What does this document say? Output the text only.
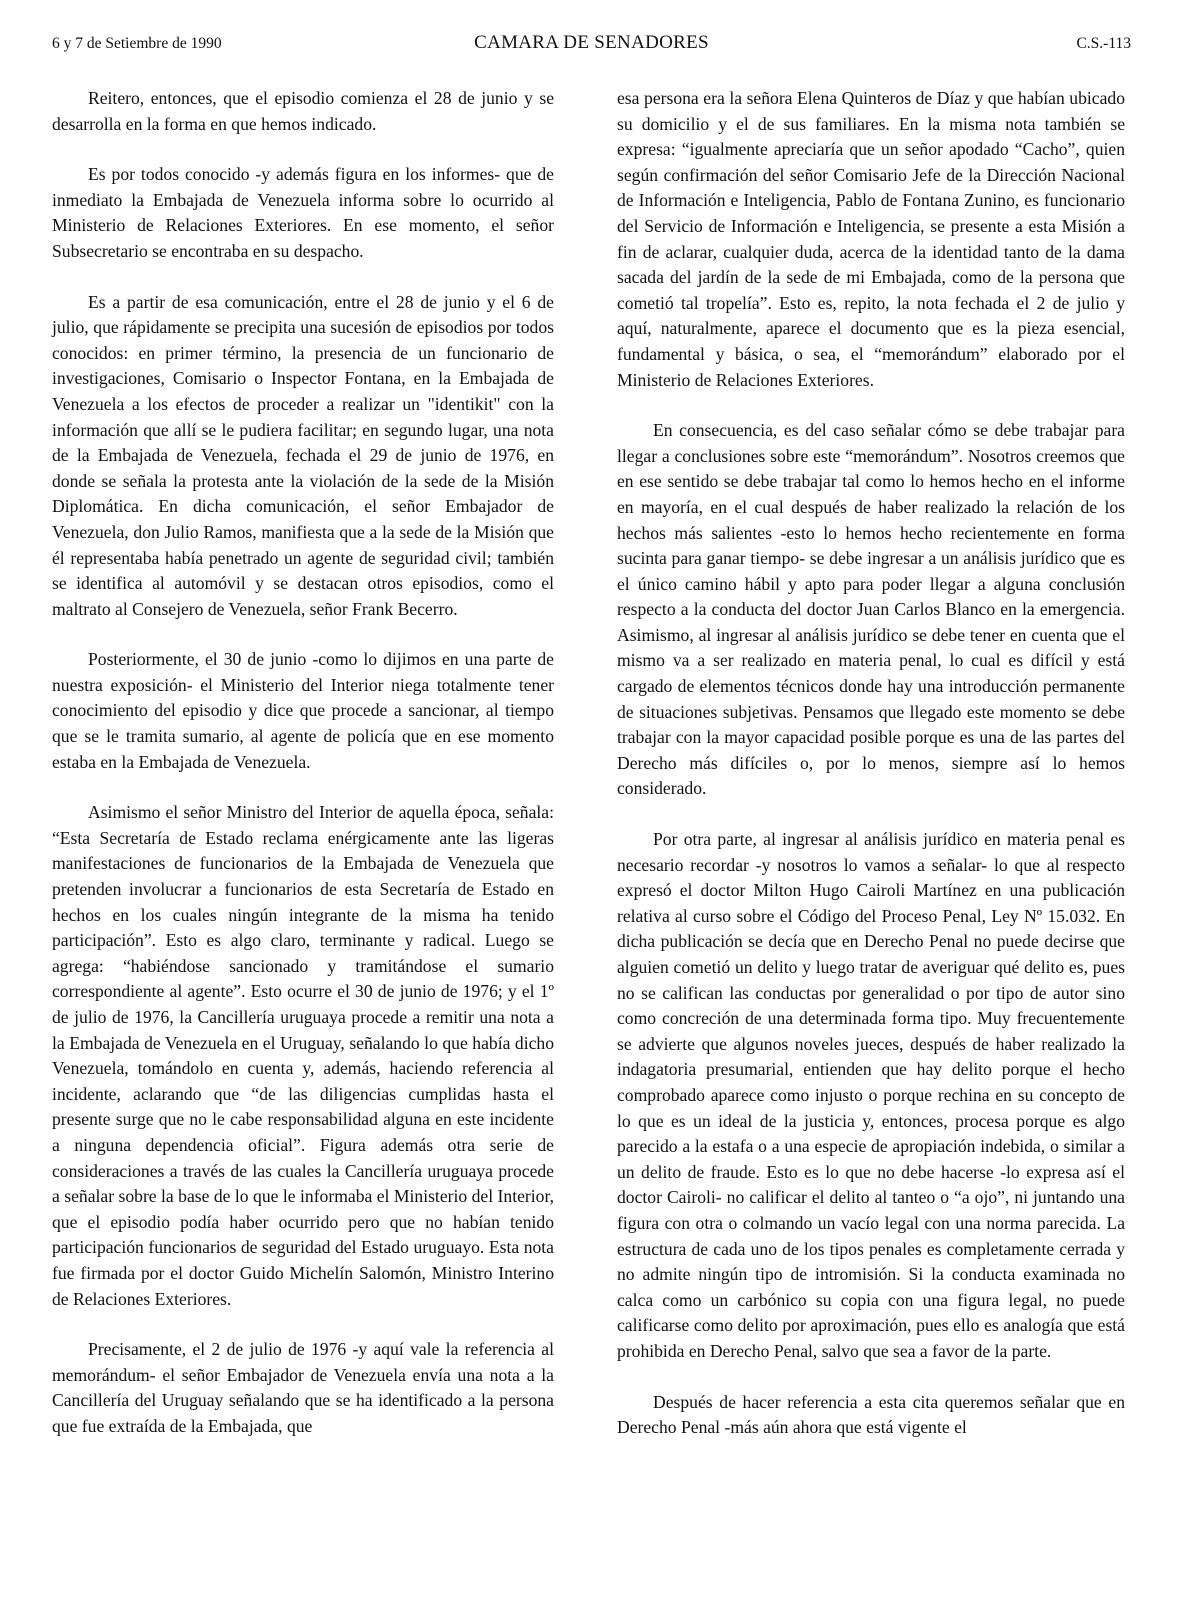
6 y 7 de Setiembre de 1990	CAMARA DE SENADORES	C.S.-113

Reitero, entonces, que el episodio comienza el 28 de junio y se desarrolla en la forma en que hemos indicado.

Es por todos conocido -y además figura en los informes- que de inmediato la Embajada de Venezuela informa sobre lo ocurrido al Ministerio de Relaciones Exteriores. En ese momento, el señor Subsecretario se encontraba en su despacho.

Es a partir de esa comunicación, entre el 28 de junio y el 6 de julio, que rápidamente se precipita una sucesión de episodios por todos conocidos: en primer término, la presencia de un funcionario de investigaciones, Comisario o Inspector Fontana, en la Embajada de Venezuela a los efectos de proceder a realizar un "identikit" con la información que allí se le pudiera facilitar; en segundo lugar, una nota de la Embajada de Venezuela, fechada el 29 de junio de 1976, en donde se señala la protesta ante la violación de la sede de la Misión Diplomática. En dicha comunicación, el señor Embajador de Venezuela, don Julio Ramos, manifiesta que a la sede de la Misión que él representaba había penetrado un agente de seguridad civil; también se identifica al automóvil y se destacan otros episodios, como el maltrato al Consejero de Venezuela, señor Frank Becerro.

Posteriormente, el 30 de junio -como lo dijimos en una parte de nuestra exposición- el Ministerio del Interior niega totalmente tener conocimiento del episodio y dice que procede a sancionar, al tiempo que se le tramita sumario, al agente de policía que en ese momento estaba en la Embajada de Venezuela.

Asimismo el señor Ministro del Interior de aquella época, señala: “Esta Secretaría de Estado reclama enérgicamente ante las ligeras manifestaciones de funcionarios de la Embajada de Venezuela que pretenden involucrar a funcionarios de esta Secretaría de Estado en hechos en los cuales ningún integrante de la misma ha tenido participación”. Esto es algo claro, terminante y radical. Luego se agrega: “habiéndose sancionado y tramitándose el sumario correspondiente al agente”. Esto ocurre el 30 de junio de 1976; y el 1º de julio de 1976, la Cancillería uruguaya procede a remitir una nota a la Embajada de Venezuela en el Uruguay, señalando lo que había dicho Venezuela, tomándolo en cuenta y, además, haciendo referencia al incidente, aclarando que “de las diligencias cumplidas hasta el presente surge que no le cabe responsabilidad alguna en este incidente a ninguna dependencia oficial”. Figura además otra serie de consideraciones a través de las cuales la Cancillería uruguaya procede a señalar sobre la base de lo que le informaba el Ministerio del Interior, que el episodio podía haber ocurrido pero que no habían tenido participación funcionarios de seguridad del Estado uruguayo. Esta nota fue firmada por el doctor Guido Michelín Salomón, Ministro Interino de Relaciones Exteriores.

Precisamente, el 2 de julio de 1976 -y aquí vale la referencia al memorándum- el señor Embajador de Venezuela envía una nota a la Cancillería del Uruguay señalando que se ha identificado a la persona que fue extraída de la Embajada, que

esa persona era la señora Elena Quinteros de Díaz y que habían ubicado su domicilio y el de sus familiares. En la misma nota también se expresa: “igualmente apreciaría que un señor apodado “Cacho”, quien según confirmación del señor Comisario Jefe de la Dirección Nacional de Información e Inteligencia, Pablo de Fontana Zunino, es funcionario del Servicio de Información e Inteligencia, se presente a esta Misión a fin de aclarar, cualquier duda, acerca de la identidad tanto de la dama sacada del jardín de la sede de mi Embajada, como de la persona que cometió tal tropelía”. Esto es, repito, la nota fechada el 2 de julio y aquí, naturalmente, aparece el documento que es la pieza esencial, fundamental y básica, o sea, el “memorándum” elaborado por el Ministerio de Relaciones Exteriores.

En consecuencia, es del caso señalar cómo se debe trabajar para llegar a conclusiones sobre este “memorándum”. Nosotros creemos que en ese sentido se debe trabajar tal como lo hemos hecho en el informe en mayoría, en el cual después de haber realizado la relación de los hechos más salientes -esto lo hemos hecho recientemente en forma sucinta para ganar tiempo- se debe ingresar a un análisis jurídico que es el único camino hábil y apto para poder llegar a alguna conclusión respecto a la conducta del doctor Juan Carlos Blanco en la emergencia. Asimismo, al ingresar al análisis jurídico se debe tener en cuenta que el mismo va a ser realizado en materia penal, lo cual es difícil y está cargado de elementos técnicos donde hay una introducción permanente de situaciones subjetivas. Pensamos que llegado este momento se debe trabajar con la mayor capacidad posible porque es una de las partes del Derecho más difíciles o, por lo menos, siempre así lo hemos considerado.

Por otra parte, al ingresar al análisis jurídico en materia penal es necesario recordar -y nosotros lo vamos a señalar- lo que al respecto expresó el doctor Milton Hugo Cairoli Martínez en una publicación relativa al curso sobre el Código del Proceso Penal, Ley Nº 15.032. En dicha publicación se decía que en Derecho Penal no puede decirse que alguien cometió un delito y luego tratar de averiguar qué delito es, pues no se califican las conductas por generalidad o por tipo de autor sino como concreción de una determinada forma tipo. Muy frecuentemente se advierte que algunos noveles jueces, después de haber realizado la indagatoria presumarial, entienden que hay delito porque el hecho comprobado aparece como injusto o porque rechina en su concepto de lo que es un ideal de la justicia y, entonces, procesa porque es algo parecido a la estafa o a una especie de apropiación indebida, o similar a un delito de fraude. Esto es lo que no debe hacerse -lo expresa así el doctor Cairoli- no calificar el delito al tanteo o “a ojo”, ni juntando una figura con otra o colmando un vacío legal con una norma parecida. La estructura de cada uno de los tipos penales es completamente cerrada y no admite ningún tipo de intromisión. Si la conducta examinada no calca como un carbónico su copia con una figura legal, no puede calificarse como delito por aproximación, pues ello es analogía que está prohibida en Derecho Penal, salvo que sea a favor de la parte.

Después de hacer referencia a esta cita queremos señalar que en Derecho Penal -más aún ahora que está vigente el
